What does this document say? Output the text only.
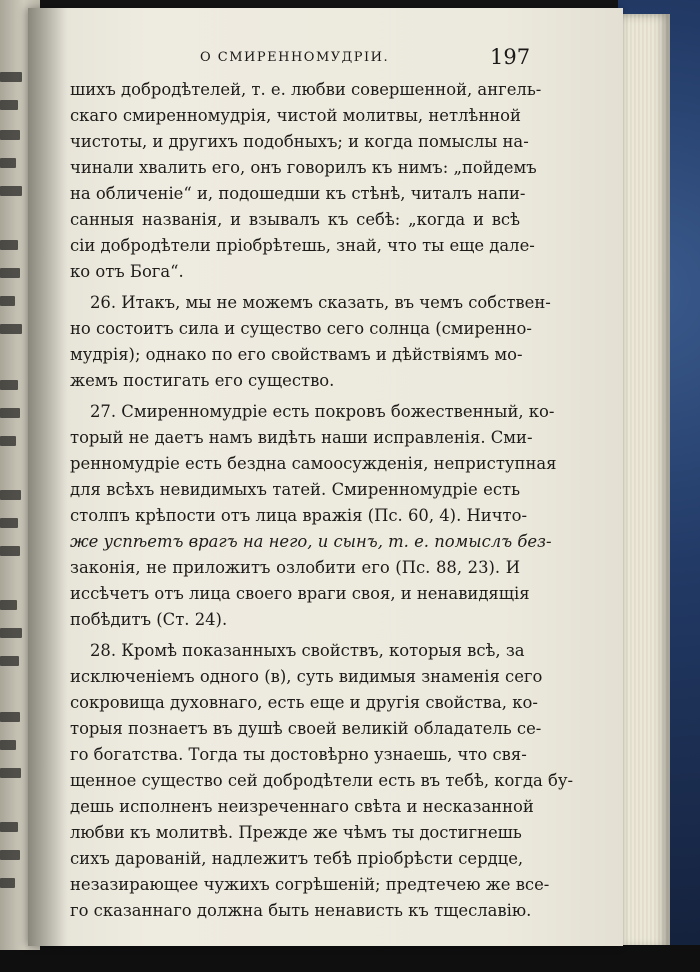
О СМИРЕННОМУДРІИ.	197
шихъ добродѣтелей, т. е. любви совершенной, ангель-
скаго смиренномудрія, чистой молитвы, нетлѣнной
чистоты, и другихъ подобныхъ; и когда помыслы на-
чинали хвалить его, онъ говорилъ къ нимъ: „пойдемъ
на обличеніе“ и, подошедши къ стѣнѣ, читалъ напи-
санныя названія, и взывалъ къ себѣ: „когда и всѣ
сіи добродѣтели пріобрѣтешь, знай, что ты еще дале-
ко отъ Бога“.
26. Итакъ, мы не можемъ сказать, въ чемъ собствен-
но состоитъ сила и существо сего солнца (смиренно-
мудрія); однако по его свойствамъ и дѣйствіямъ мо-
жемъ постигать его существо.
27. Смиренномудріе есть покровъ божественный, ко-
торый не даетъ намъ видѣть наши исправленія. Сми-
ренномудріе есть бездна самоосужденія, неприступная
для всѣхъ невидимыхъ татей. Смиренномудріе есть
столпъ крѣпости отъ лица вражія (Пс. 60, 4). Ничто-
же успѣетъ врагъ на него, и сынъ, т. е. помыслъ без-
законія, не приложитъ озлобити его (Пс. 88, 23). И
иссѣчетъ отъ лица своего враги своя, и ненавидящія
побѣдитъ (Ст. 24).
28. Кромѣ показанныхъ свойствъ, которыя всѣ, за
исключеніемъ одного (в), суть видимыя знаменія сего
сокровища духовнаго, есть еще и другія свойства, ко-
торыя познаетъ въ душѣ своей великій обладатель се-
го богатства. Тогда ты достовѣрно узнаешь, что свя-
щенное существо сей добродѣтели есть въ тебѣ, когда бу-
дешь исполненъ неизреченнаго свѣта и несказанной
любви къ молитвѣ. Прежде же чѣмъ ты достигнешь
сихъ дарованій, надлежитъ тебѣ пріобрѣсти сердце,
незазирающее чужихъ согрѣшеній; предтечею же все-
го сказаннаго должна быть ненависть къ тщеславію.
